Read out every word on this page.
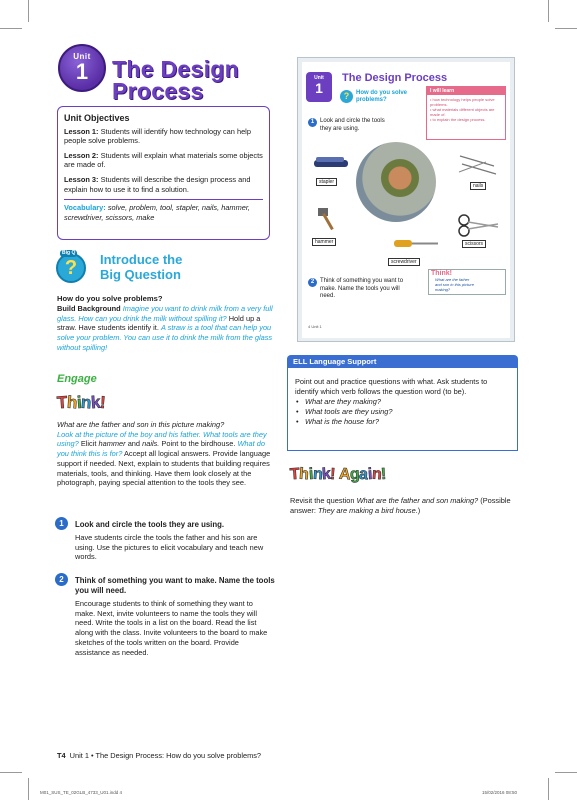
Unit
1	The Design
Process
Unit Objectives

Lesson 1: Students will identify how technology can help people solve problems.

Lesson 2: Students will explain what materials some objects are made of.

Lesson 3: Students will describe the design process and explain how to use it to find a solution.

Vocabulary: solve, problem, tool, stapler, nails, hammer, screwdriver, scissors, make
Big Q
?	Introduce the
Big Question
How do you solve problems?
Build Background Imagine you want to drink milk from a very full glass. How can you drink the milk without spilling it? Hold up a straw. Have students identify it. A straw is a tool that can help you solve your problem. You can use it to drink the milk from the glass without spilling!
Engage
Think!
What are the father and son in this picture making?
Look at the picture of the boy and his father. What tools are they using? Elicit hammer and nails. Point to the birdhouse. What do you think this is for? Accept all logical answers. Provide language support if needed. Next, explain to students that building requires materials, tools, and thinking. Have them look closely at the photograph, paying special attention to the tools they see.
1	Look and circle the tools they are using.
Have students circle the tools the father and his son are using. Use the pictures to elicit vocabulary and teach new words.
2	Think of something you want to make. Name the tools you will need.
Encourage students to think of something they want to make. Next, invite volunteers to name the tools they will need. Write the tools in a list on the board. Read the list along with the class. Invite volunteers to the board to make sketches of the tools written on the board. Provide assistance as needed.
Unit
1
The Design Process
?	How do you solve problems?
I will learn
• how technology helps people solve problems.
• what materials different objects are made of.
• to explain the design process.
1 Look and circle the tools they are using.
stapler
nails
hammer	scissors
screwdriver
2 Think of something you want to make. Name the tools you will need.
Think!
What are the father
and son in this picture
making?
4 Unit 1
ELL Language Support
Point out and practice questions with what. Ask students to identify which verb follows the question word (to be).
• What are they making?
• What tools are they using?
• What is the house for?
Think! Again!
Revisit the question What are the father and son making? (Possible answer: They are making a bird house.)
T4 Unit 1 • The Design Process: How do you solve problems?
M01_SUS_TE_02GLB_4733_U01.indd 4	15/02/2016 08:50
